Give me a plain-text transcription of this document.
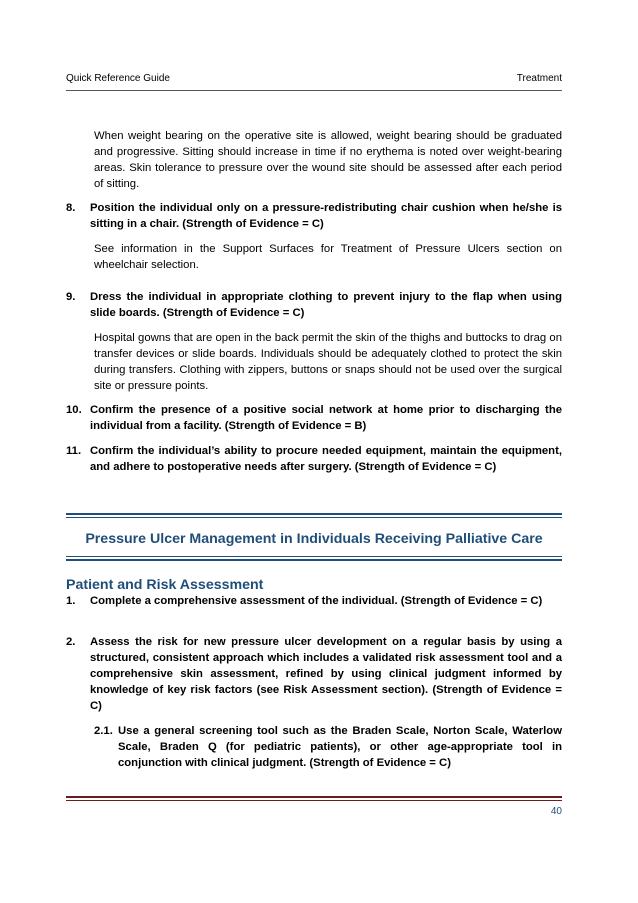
Quick Reference Guide	Treatment
When weight bearing on the operative site is allowed, weight bearing should be graduated and progressive. Sitting should increase in time if no erythema is noted over weight-bearing areas. Skin tolerance to pressure over the wound site should be assessed after each period of sitting.
8. Position the individual only on a pressure-redistributing chair cushion when he/she is sitting in a chair. (Strength of Evidence = C)
See information in the Support Surfaces for Treatment of Pressure Ulcers section on wheelchair selection.
9. Dress the individual in appropriate clothing to prevent injury to the flap when using slide boards. (Strength of Evidence = C)
Hospital gowns that are open in the back permit the skin of the thighs and buttocks to drag on transfer devices or slide boards. Individuals should be adequately clothed to protect the skin during transfers. Clothing with zippers, buttons or snaps should not be used over the surgical site or pressure points.
10. Confirm the presence of a positive social network at home prior to discharging the individual from a facility. (Strength of Evidence = B)
11. Confirm the individual’s ability to procure needed equipment, maintain the equipment, and adhere to postoperative needs after surgery. (Strength of Evidence = C)
Pressure Ulcer Management in Individuals Receiving Palliative Care
Patient and Risk Assessment
1. Complete a comprehensive assessment of the individual. (Strength of Evidence = C)
2. Assess the risk for new pressure ulcer development on a regular basis by using a structured, consistent approach which includes a validated risk assessment tool and a comprehensive skin assessment, refined by using clinical judgment informed by knowledge of key risk factors (see Risk Assessment section). (Strength of Evidence = C)
2.1. Use a general screening tool such as the Braden Scale, Norton Scale, Waterlow Scale, Braden Q (for pediatric patients), or other age-appropriate tool in conjunction with clinical judgment. (Strength of Evidence = C)
40
